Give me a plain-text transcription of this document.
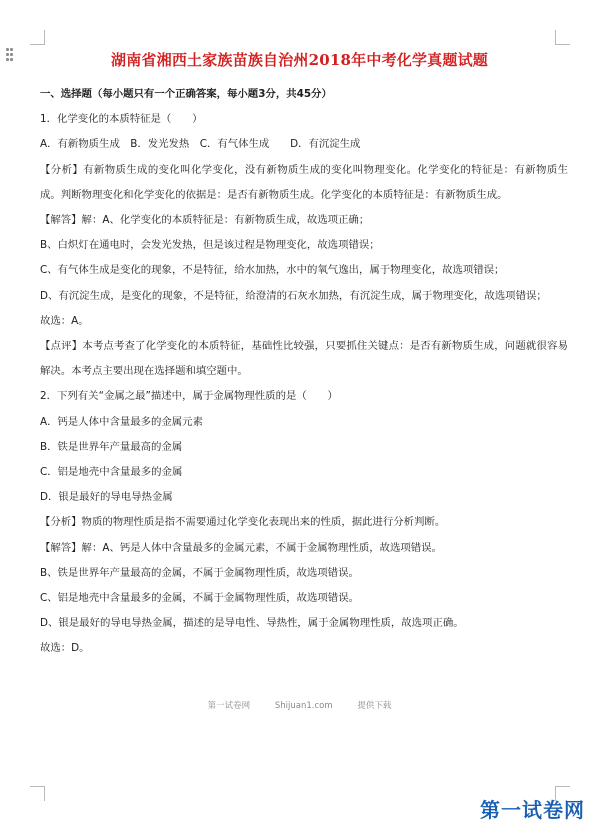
湖南省湘西土家族苗族自治州2018年中考化学真题试题
一、选择题（每小题只有一个正确答案，每小题3分，共45分）
1．化学变化的本质特征是（　　）
A．有新物质生成　B．发光发热　C．有气体生成　　D．有沉淀生成
【分析】有新物质生成的变化叫化学变化，没有新物质生成的变化叫物理变化。化学变化的特征是：有新物质生成。判断物理变化和化学变化的依据是：是否有新物质生成。化学变化的本质特征是：有新物质生成。
【解答】解：A、化学变化的本质特征是：有新物质生成，故选项正确；
B、白炽灯在通电时，会发光发热，但是该过程是物理变化，故选项错误；
C、有气体生成是变化的现象，不是特征，给水加热，水中的氧气逸出，属于物理变化，故选项错误；
D、有沉淀生成，是变化的现象，不是特征，给澄清的石灰水加热，有沉淀生成，属于物理变化，故选项错误；
故选：A。
【点评】本考点考查了化学变化的本质特征，基础性比较强，只要抓住关键点：是否有新物质生成，问题就很容易解决。本考点主要出现在选择题和填空题中。
2．下列有关“金属之最”描述中，属于金属物理性质的是（　　）
A．钙是人体中含量最多的金属元素
B．铁是世界年产量最高的金属
C．铝是地壳中含量最多的金属
D．银是最好的导电导热金属
【分析】物质的物理性质是指不需要通过化学变化表现出来的性质，据此进行分析判断。
【解答】解：A、钙是人体中含量最多的金属元素，不属于金属物理性质，故选项错误。
B、铁是世界年产量最高的金属，不属于金属物理性质，故选项错误。
C、铝是地壳中含量最多的金属，不属于金属物理性质，故选项错误。
D、银是最好的导电导热金属，描述的是导电性、导热性，属于金属物理性质，故选项正确。
故选：D。
第一试卷网	Shijuan1.com	提供下载
第一试卷网
